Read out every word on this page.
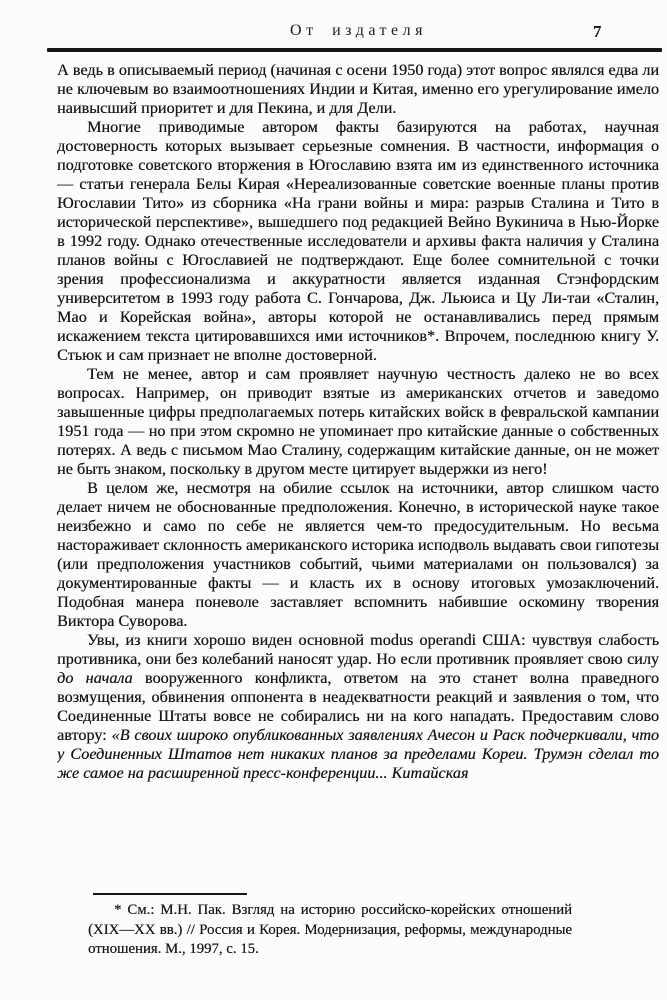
От издателя	7

А ведь в описываемый период (начиная с осени 1950 года) этот вопрос являлся едва ли не ключевым во взаимоотношениях Индии и Китая, именно его урегулирование имело наивысший приоритет и для Пекина, и для Дели.

Многие приводимые автором факты базируются на работах, научная достоверность которых вызывает серьезные сомнения. В частности, информация о подготовке советского вторжения в Югославию взята им из единственного источника — статьи генерала Белы Кирая «Нереализованные советские военные планы против Югославии Тито» из сборника «На грани войны и мира: разрыв Сталина и Тито в исторической перспективе», вышедшего под редакцией Вейно Вукинича в Нью-Йорке в 1992 году. Однако отечественные исследователи и архивы факта наличия у Сталина планов войны с Югославией не подтверждают. Еще более сомнительной с точки зрения профессионализма и аккуратности является изданная Стэнфордским университетом в 1993 году работа С. Гончарова, Дж. Льюиса и Цу Ли-таи «Сталин, Мао и Корейская война», авторы которой не останавливались перед прямым искажением текста цитировавшихся ими источников*. Впрочем, последнюю книгу У. Стьюк и сам признает не вполне достоверной.

Тем не менее, автор и сам проявляет научную честность далеко не во всех вопросах. Например, он приводит взятые из американских отчетов и заведомо завышенные цифры предполагаемых потерь китайских войск в февральской кампании 1951 года — но при этом скромно не упоминает про китайские данные о собственных потерях. А ведь с письмом Мао Сталину, содержащим китайские данные, он не может не быть знаком, поскольку в другом месте цитирует выдержки из него!

В целом же, несмотря на обилие ссылок на источники, автор слишком часто делает ничем не обоснованные предположения. Конечно, в исторической науке такое неизбежно и само по себе не является чем-то предосудительным. Но весьма настораживает склонность американского историка исподволь выдавать свои гипотезы (или предположения участников событий, чьими материалами он пользовался) за документированные факты — и класть их в основу итоговых умозаключений. Подобная манера поневоле заставляет вспомнить набившие оскомину творения Виктора Суворова.

Увы, из книги хорошо виден основной modus operandi США: чувствуя слабость противника, они без колебаний наносят удар. Но если противник проявляет свою силу до начала вооруженного конфликта, ответом на это станет волна праведного возмущения, обвинения оппонента в неадекватности реакций и заявления о том, что Соединенные Штаты вовсе не собирались ни на кого нападать. Предоставим слово автору: «В своих широко опубликованных заявлениях Ачесон и Раск подчеркивали, что у Соединенных Штатов нет никаких планов за пределами Кореи. Трумэн сделал то же самое на расширенной пресс-конференции... Китайская

* См.: М.Н. Пак. Взгляд на историю российско-корейских отношений (XIX—XX вв.) // Россия и Корея. Модернизация, реформы, международные отношения. М., 1997, с. 15.
